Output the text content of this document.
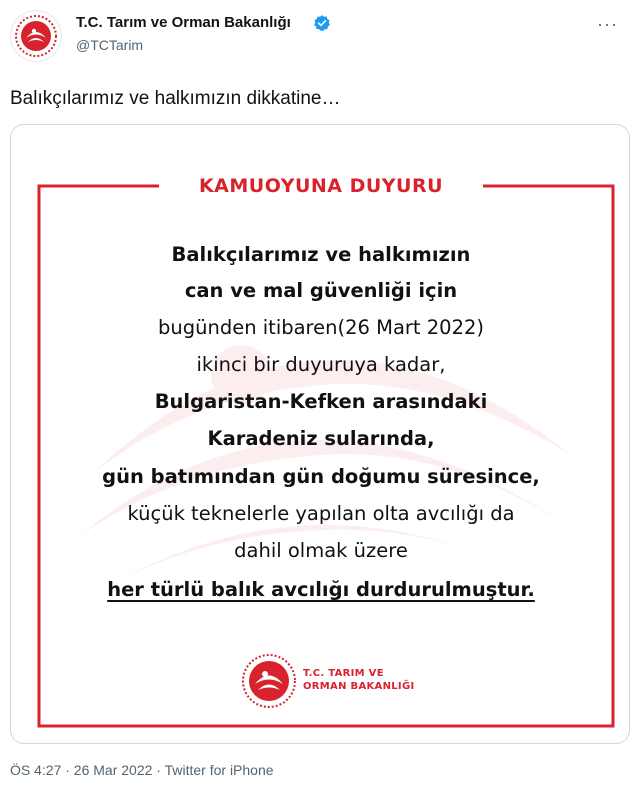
T.C. Tarım ve Orman Bakanlığı
@TCTarim
···
Balıkçılarımız ve halkımızın dikkatine…
KAMUOYUNA DUYURU
Balıkçılarımız ve halkımızın
can ve mal güvenliği için
bugünden itibaren(26 Mart 2022)
ikinci bir duyuruya kadar,
Bulgaristan-Kefken arasındaki
Karadeniz sularında,
gün batımından gün doğumu süresince,
küçük teknelerle yapılan olta avcılığı da
dahil olmak üzere
her türlü balık avcılığı durdurulmuştur.
T.C. TARIM VE
ORMAN BAKANLIĞI
ÖS 4:27 · 26 Mar 2022 · Twitter for iPhone
